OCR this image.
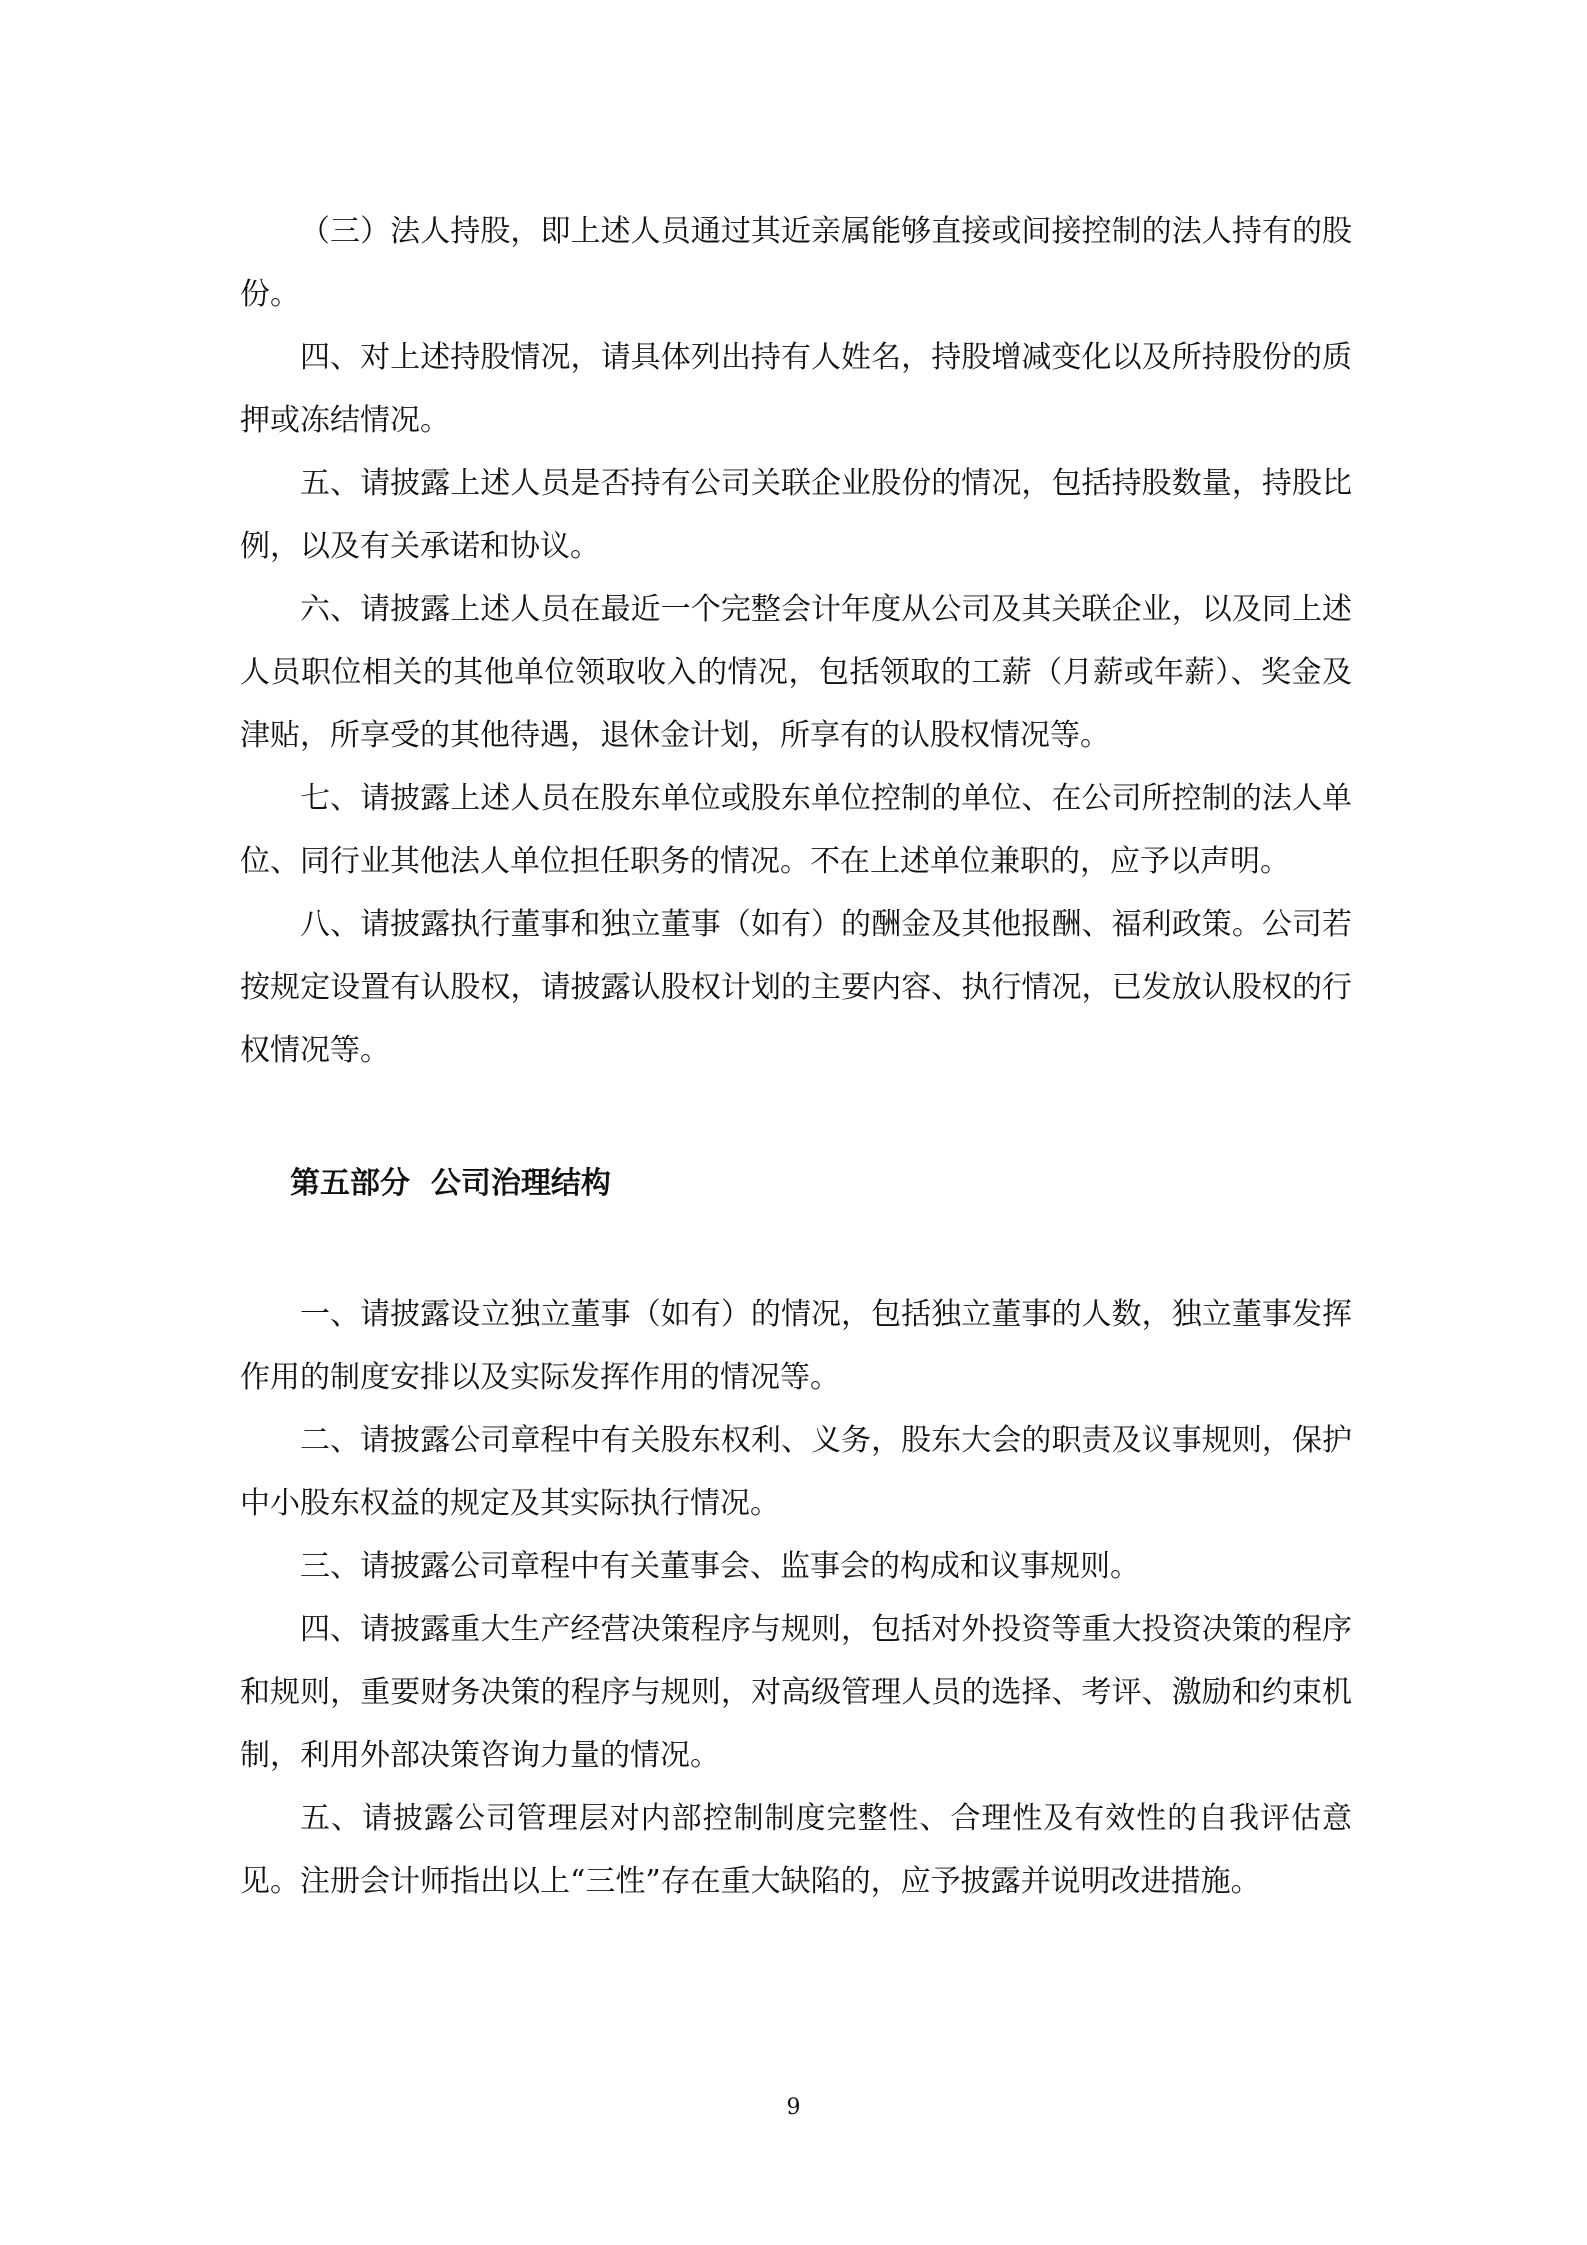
（三）法人持股，即上述人员通过其近亲属能够直接或间接控制的法人持有的股份。

四、对上述持股情况，请具体列出持有人姓名，持股增减变化以及所持股份的质押或冻结情况。

五、请披露上述人员是否持有公司关联企业股份的情况，包括持股数量，持股比例，以及有关承诺和协议。

六、请披露上述人员在最近一个完整会计年度从公司及其关联企业，以及同上述人员职位相关的其他单位领取收入的情况，包括领取的工薪（月薪或年薪）、奖金及津贴，所享受的其他待遇，退休金计划，所享有的认股权情况等。

七、请披露上述人员在股东单位或股东单位控制的单位、在公司所控制的法人单位、同行业其他法人单位担任职务的情况。不在上述单位兼职的，应予以声明。

八、请披露执行董事和独立董事（如有）的酬金及其他报酬、福利政策。公司若按规定设置有认股权，请披露认股权计划的主要内容、执行情况，已发放认股权的行权情况等。

第五部分  公司治理结构

一、请披露设立独立董事（如有）的情况，包括独立董事的人数，独立董事发挥作用的制度安排以及实际发挥作用的情况等。

二、请披露公司章程中有关股东权利、义务，股东大会的职责及议事规则，保护中小股东权益的规定及其实际执行情况。

三、请披露公司章程中有关董事会、监事会的构成和议事规则。

四、请披露重大生产经营决策程序与规则，包括对外投资等重大投资决策的程序和规则，重要财务决策的程序与规则，对高级管理人员的选择、考评、激励和约束机制，利用外部决策咨询力量的情况。

五、请披露公司管理层对内部控制制度完整性、合理性及有效性的自我评估意见。注册会计师指出以上“三性”存在重大缺陷的，应予披露并说明改进措施。

9
